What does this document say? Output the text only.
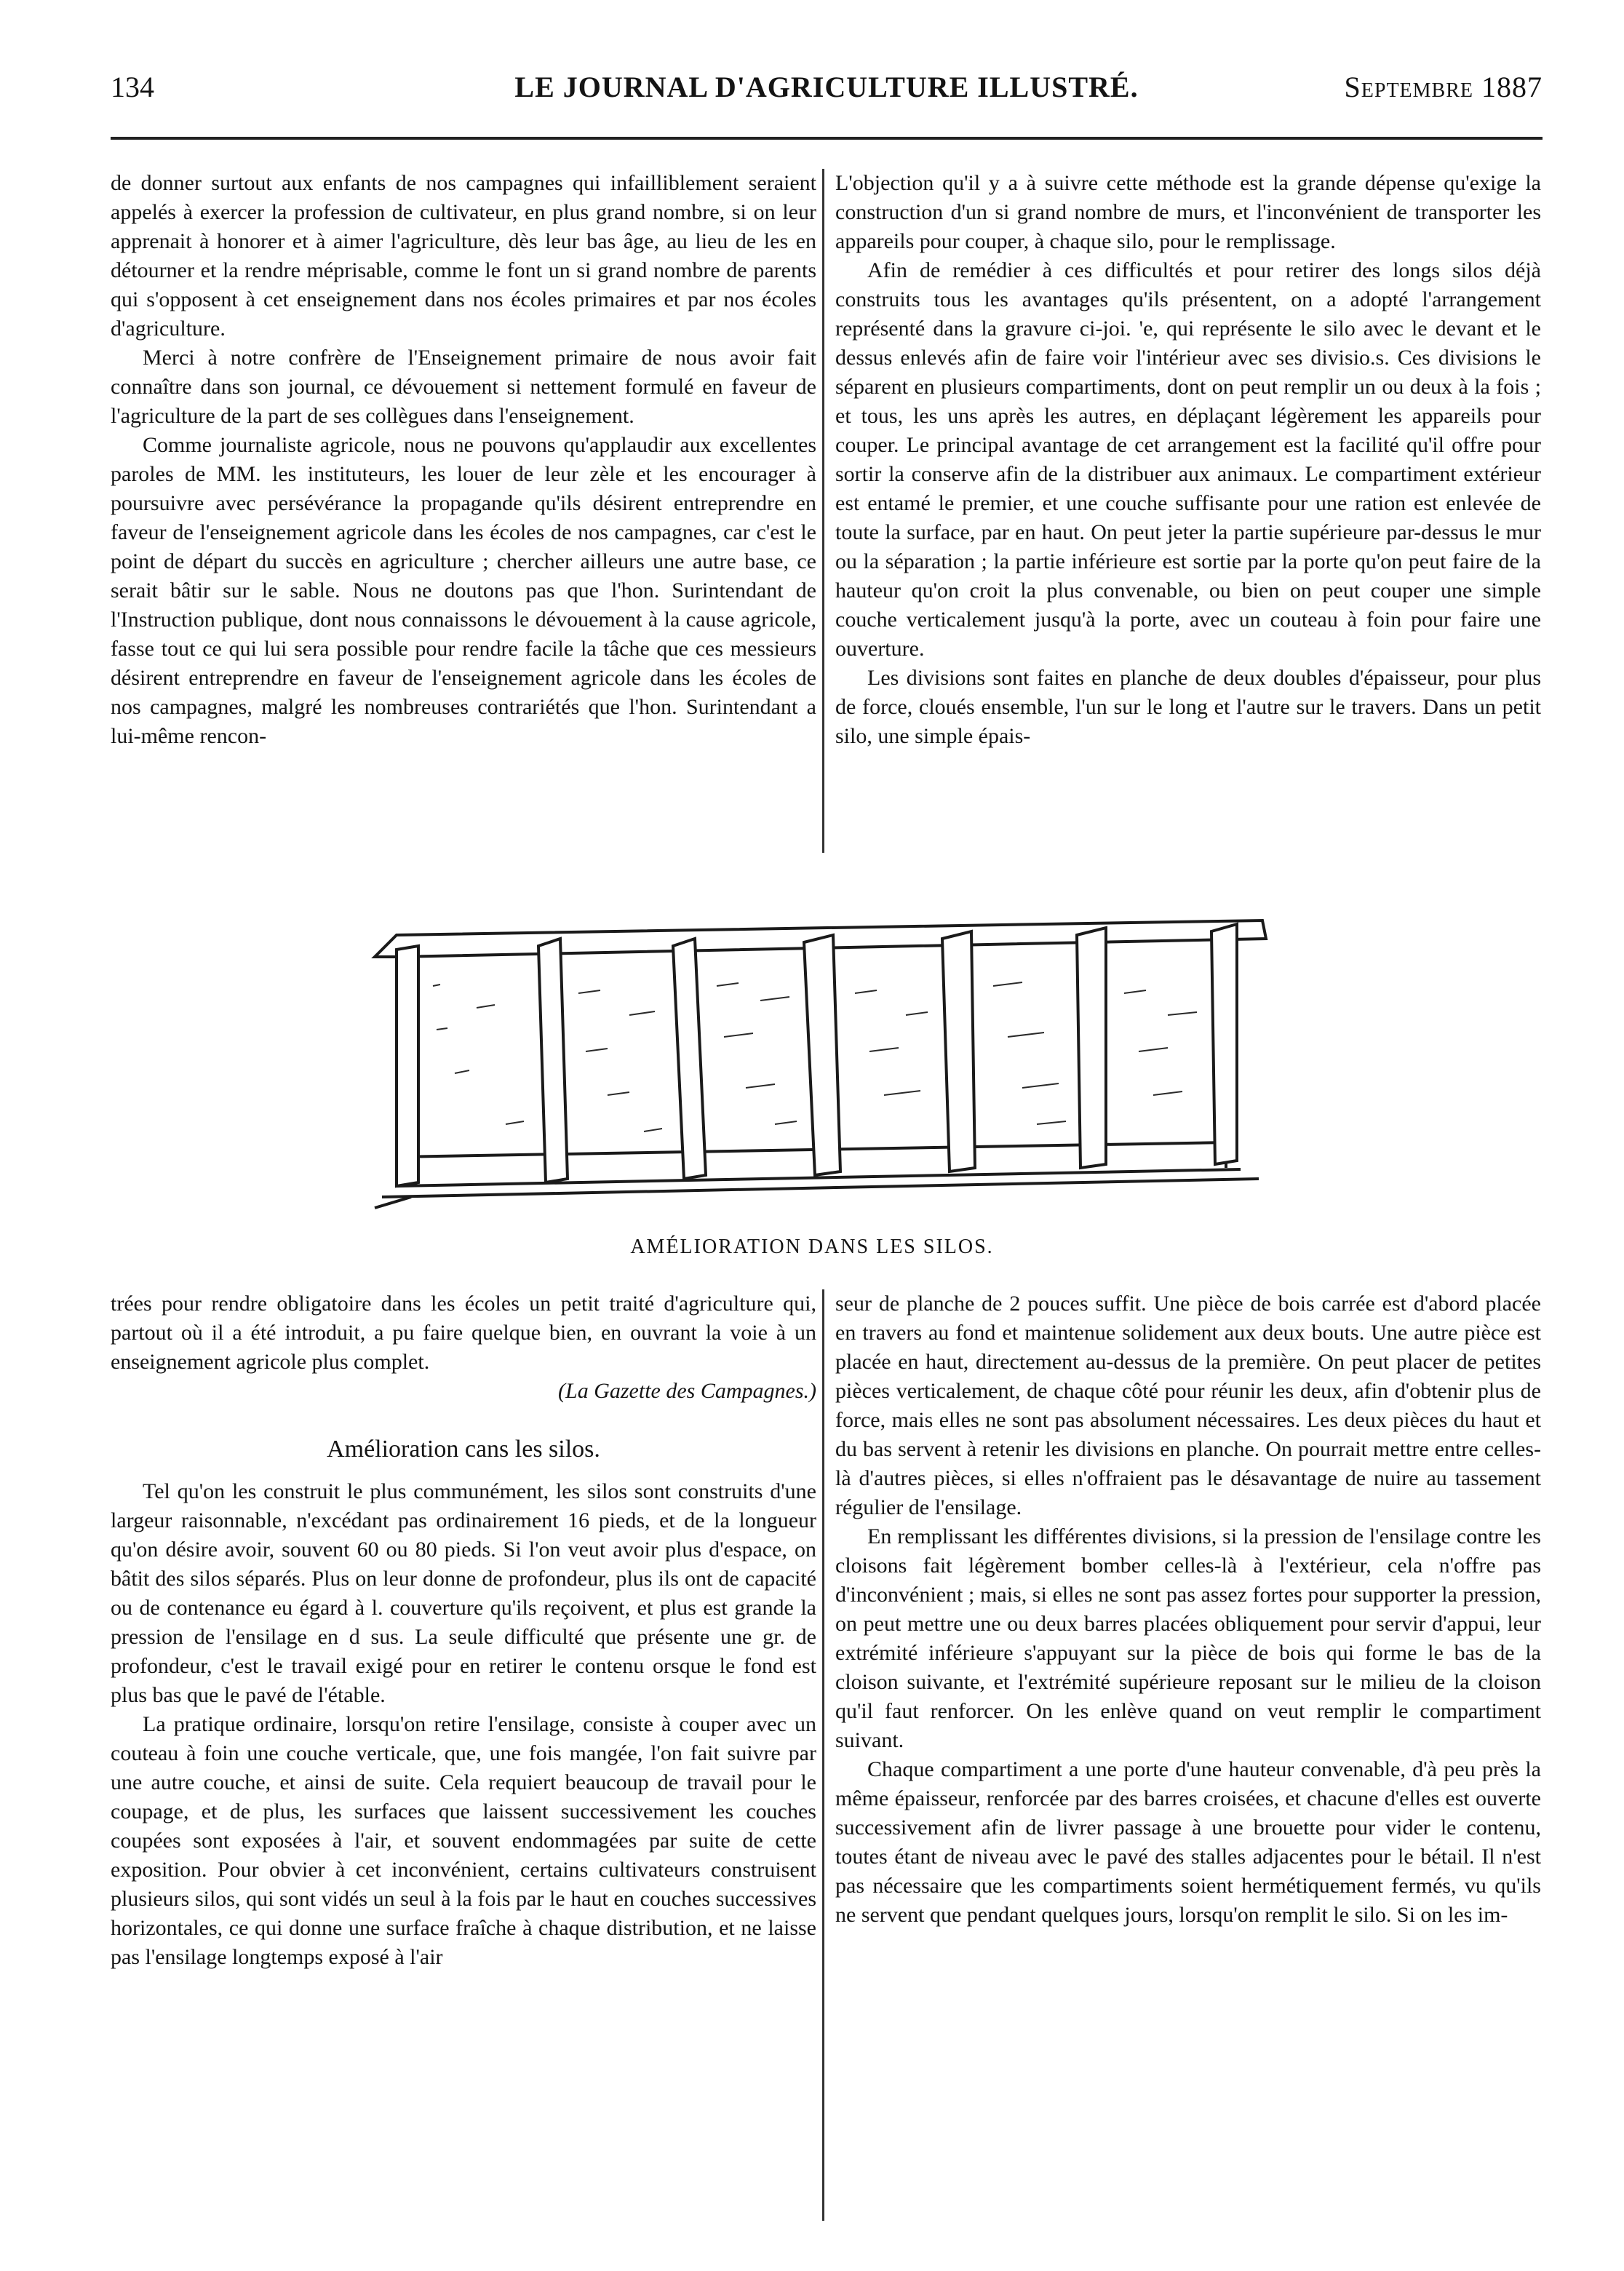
134	LE JOURNAL D'AGRICULTURE ILLUSTRÉ.	Septembre 1887

de donner surtout aux enfants de nos campagnes qui infailliblement seraient appelés à exercer la profession de cultivateur, en plus grand nombre, si on leur apprenait à honorer et à aimer l'agriculture, dès leur bas âge, au lieu de les en détourner et la rendre méprisable, comme le font un si grand nombre de parents qui s'opposent à cet enseignement dans nos écoles primaires et par nos écoles d'agriculture.

Merci à notre confrère de l'Enseignement primaire de nous avoir fait connaître dans son journal, ce dévouement si nettement formulé en faveur de l'agriculture de la part de ses collègues dans l'enseignement.

Comme journaliste agricole, nous ne pouvons qu'applaudir aux excellentes paroles de MM. les instituteurs, les louer de leur zèle et les encourager à poursuivre avec persévérance la propagande qu'ils désirent entreprendre en faveur de l'enseignement agricole dans les écoles de nos campagnes, car c'est le point de départ du succès en agriculture ; chercher ailleurs une autre base, ce serait bâtir sur le sable. Nous ne doutons pas que l'hon. Surintendant de l'Instruction publique, dont nous connaissons le dévouement à la cause agricole, fasse tout ce qui lui sera possible pour rendre facile la tâche que ces messieurs désirent entreprendre en faveur de l'enseignement agricole dans les écoles de nos campagnes, malgré les nombreuses contrariétés que l'hon. Surintendant a lui-même rencon-

L'objection qu'il y a à suivre cette méthode est la grande dépense qu'exige la construction d'un si grand nombre de murs, et l'inconvénient de transporter les appareils pour couper, à chaque silo, pour le remplissage.

Afin de remédier à ces difficultés et pour retirer des longs silos déjà construits tous les avantages qu'ils présentent, on a adopté l'arrangement représenté dans la gravure ci-joi. 'e, qui représente le silo avec le devant et le dessus enlevés afin de faire voir l'intérieur avec ses divisio.s. Ces divisions le séparent en plusieurs compartiments, dont on peut remplir un ou deux à la fois ; et tous, les uns après les autres, en déplaçant légèrement les appareils pour couper. Le principal avantage de cet arrangement est la facilité qu'il offre pour sortir la conserve afin de la distribuer aux animaux. Le compartiment extérieur est entamé le premier, et une couche suffisante pour une ration est enlevée de toute la surface, par en haut. On peut jeter la partie supérieure par-dessus le mur ou la séparation ; la partie inférieure est sortie par la porte qu'on peut faire de la hauteur qu'on croit la plus convenable, ou bien on peut couper une simple couche verticalement jusqu'à la porte, avec un couteau à foin pour faire une ouverture.

Les divisions sont faites en planche de deux doubles d'épaisseur, pour plus de force, cloués ensemble, l'un sur le long et l'autre sur le travers. Dans un petit silo, une simple épais-

AMÉLIORATION DANS LES SILOS.

trées pour rendre obligatoire dans les écoles un petit traité d'agriculture qui, partout où il a été introduit, a pu faire quelque bien, en ouvrant la voie à un enseignement agricole plus complet.

(La Gazette des Campagnes.)
Amélioration cans les silos.

Tel qu'on les construit le plus communément, les silos sont construits d'une largeur raisonnable, n'excédant pas ordinairement 16 pieds, et de la longueur qu'on désire avoir, souvent 60 ou 80 pieds. Si l'on veut avoir plus d'espace, on bâtit des silos séparés. Plus on leur donne de profondeur, plus ils ont de capacité ou de contenance eu égard à l. couverture qu'ils reçoivent, et plus est grande la pression de l'ensilage en d sus. La seule difficulté que présente une gr. de profondeur, c'est le travail exigé pour en retirer le contenu orsque le fond est plus bas que le pavé de l'étable.

La pratique ordinaire, lorsqu'on retire l'ensilage, consiste à couper avec un couteau à foin une couche verticale, que, une fois mangée, l'on fait suivre par une autre couche, et ainsi de suite. Cela requiert beaucoup de travail pour le coupage, et de plus, les surfaces que laissent successivement les couches coupées sont exposées à l'air, et souvent endommagées par suite de cette exposition. Pour obvier à cet inconvénient, certains cultivateurs construisent plusieurs silos, qui sont vidés un seul à la fois par le haut en couches successives horizontales, ce qui donne une surface fraîche à chaque distribution, et ne laisse pas l'ensilage longtemps exposé à l'air

seur de planche de 2 pouces suffit. Une pièce de bois carrée est d'abord placée en travers au fond et maintenue solidement aux deux bouts. Une autre pièce est placée en haut, directement au-dessus de la première. On peut placer de petites pièces verticalement, de chaque côté pour réunir les deux, afin d'obtenir plus de force, mais elles ne sont pas absolument nécessaires. Les deux pièces du haut et du bas servent à retenir les divisions en planche. On pourrait mettre entre celles-là d'autres pièces, si elles n'offraient pas le désavantage de nuire au tassement régulier de l'ensilage.

En remplissant les différentes divisions, si la pression de l'ensilage contre les cloisons fait légèrement bomber celles-là à l'extérieur, cela n'offre pas d'inconvénient ; mais, si elles ne sont pas assez fortes pour supporter la pression, on peut mettre une ou deux barres placées obliquement pour servir d'appui, leur extrémité inférieure s'appuyant sur la pièce de bois qui forme le bas de la cloison suivante, et l'extrémité supérieure reposant sur le milieu de la cloison qu'il faut renforcer. On les enlève quand on veut remplir le compartiment suivant.

Chaque compartiment a une porte d'une hauteur convenable, d'à peu près la même épaisseur, renforcée par des barres croisées, et chacune d'elles est ouverte successivement afin de livrer passage à une brouette pour vider le contenu, toutes étant de niveau avec le pavé des stalles adjacentes pour le bétail. Il n'est pas nécessaire que les compartiments soient hermétiquement fermés, vu qu'ils ne servent que pendant quelques jours, lorsqu'on remplit le silo. Si on les im-
